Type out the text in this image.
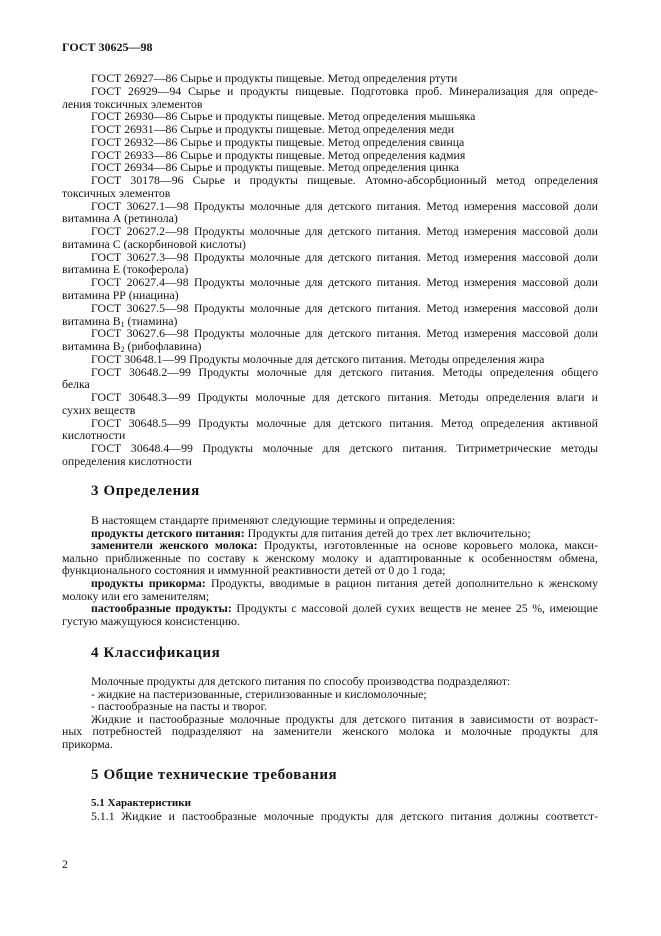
ГОСТ 30625—98
ГОСТ 26927—86 Сырье и продукты пищевые. Метод определения ртути
ГОСТ 26929—94 Сырье и продукты пищевые. Подготовка проб. Минерализация для опреде-
ления токсичных элементов
ГОСТ 26930—86 Сырье и продукты пищевые. Метод определения мышьяка
ГОСТ 26931—86 Сырье и продукты пищевые. Метод определения меди
ГОСТ 26932—86 Сырье и продукты пищевые. Метод определения свинца
ГОСТ 26933—86 Сырье и продукты пищевые. Метод определения кадмия
ГОСТ 26934—86 Сырье и продукты пищевые. Метод определения цинка
ГОСТ 30178—96 Сырье и продукты пищевые. Атомно-абсорбционный метод определения
токсичных элементов
ГОСТ 30627.1—98 Продукты молочные для детского питания. Метод измерения массовой доли
витамина А (ретинола)
ГОСТ 20627.2—98 Продукты молочные для детского питания. Метод измерения массовой доли
витамина С (аскорбиновой кислоты)
ГОСТ 30627.3—98 Продукты молочные для детского питания. Метод измерения массовой доли
витамина Е (токоферола)
ГОСТ 20627.4—98 Продукты молочные для детского питания. Метод измерения массовой доли
витамина РР (ниацина)
ГОСТ 30627.5—98 Продукты молочные для детского питания. Метод измерения массовой доли
витамина $В_1$ (тиамина)
ГОСТ 30627.6—98 Продукты молочные для детского питания. Метод измерения массовой доли
витамина $В_2$ (рибофлавина)
ГОСТ 30648.1—99 Продукты молочные для детского питания. Методы определения жира
ГОСТ 30648.2—99 Продукты молочные для детского питания. Методы определения общего
белка
ГОСТ 30648.3—99 Продукты молочные для детского питания. Методы определения влаги и
сухих веществ
ГОСТ 30648.5—99 Продукты молочные для детского питания. Метод определения активной
кислотности
ГОСТ 30648.4—99 Продукты молочные для детского питания. Титриметрические методы
определения кислотности
3 Определения
В настоящем стандарте применяют следующие термины и определения:
продукты детского питания: Продукты для питания детей до трех лет включительно;
заменители женского молока: Продукты, изготовленные на основе коровьего молока, макси-
мально приближенные по составу к женскому молоку и адаптированные к особенностям обмена,
функционального состояния и иммунной реактивности детей от 0 до 1 года;
продукты прикорма: Продукты, вводимые в рацион питания детей дополнительно к женскому
молоку или его заменителям;
пастообразные продукты: Продукты с массовой долей сухих веществ не менее 25 %, имеющие
густую мажущуюся консистенцию.
4 Классификация
Молочные продукты для детского питания по способу производства подразделяют:
- жидкие на пастеризованные, стерилизованные и кисломолочные;
- пастообразные на пасты и творог.
Жидкие и пастообразные молочные продукты для детского питания в зависимости от возраст-
ных потребностей подразделяют на заменители женского молока и молочные продукты для
прикорма.
5 Общие технические требования
5.1 Характеристики
5.1.1 Жидкие и пастообразные молочные продукты для детского питания должны соответст-
2
